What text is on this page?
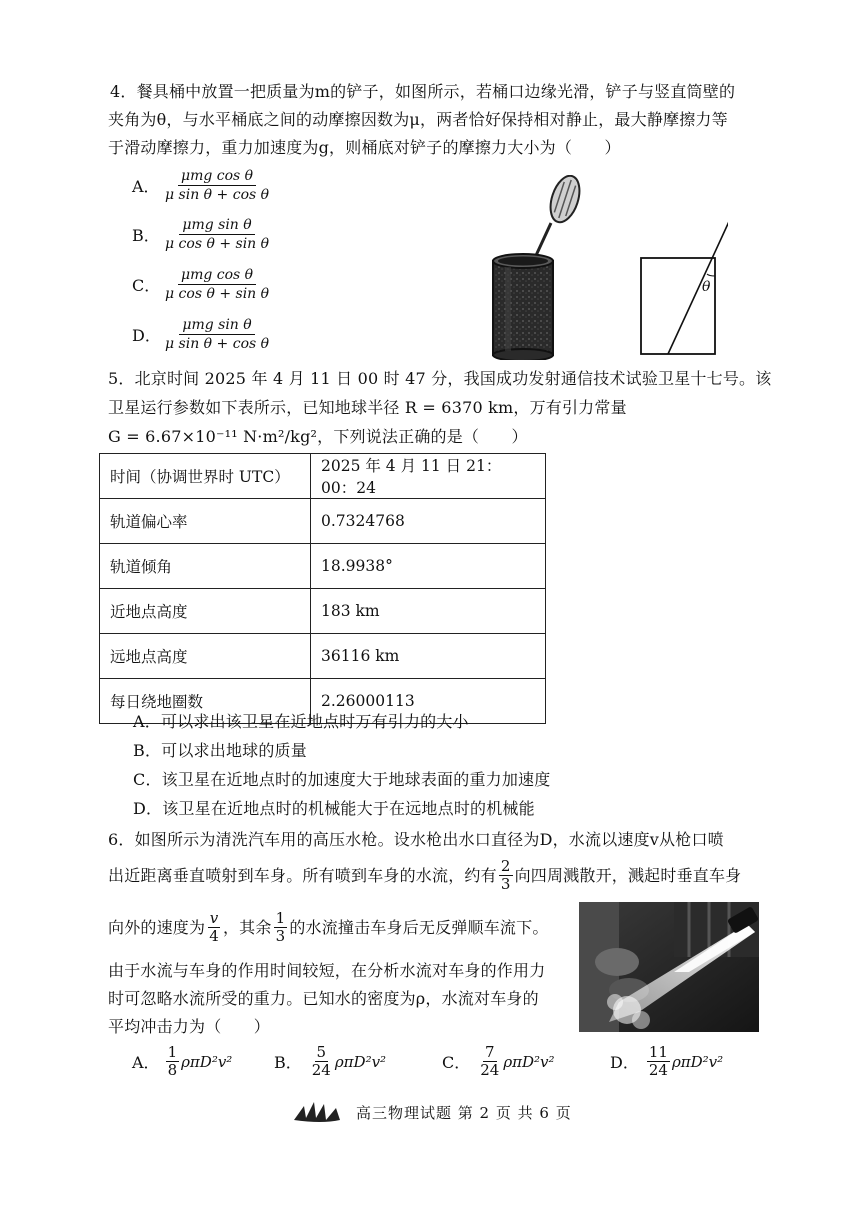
4．餐具桶中放置一把质量为m的铲子，如图所示，若桶口边缘光滑，铲子与竖直筒壁的
夹角为θ，与水平桶底之间的动摩擦因数为μ，两者恰好保持相对静止，最大静摩擦力等
于滑动摩擦力，重力加速度为g，则桶底对铲子的摩擦力大小为（　　）
A． $\frac{\text{μmg cos θ}}{\text{μ sin θ + cos θ}}$
B． $\frac{\text{μmg sin θ}}{\text{μ cos θ + sin θ}}$
C． $\frac{\text{μmg cos θ}}{\text{μ cos θ + sin θ}}$
D． $\frac{\text{μmg sin θ}}{\text{μ sin θ + cos θ}}$
θ
5．北京时间 2025 年 4 月 11 日 00 时 47 分，我国成功发射通信技术试验卫星十七号。该
卫星运行参数如下表所示，已知地球半径 R = 6370 km，万有引力常量
G = 6.67×10⁻¹¹ N·m²/kg²，下列说法正确的是（　　）
时间（协调世界时 UTC）	2025 年 4 月 11 日 21：00：24
轨道偏心率	0.7324768
轨道倾角	18.9938°
近地点高度	183 km
远地点高度	36116 km
每日绕地圈数	2.26000113
A．可以求出该卫星在近地点时万有引力的大小
B．可以求出地球的质量
C．该卫星在近地点时的加速度大于地球表面的重力加速度
D．该卫星在近地点时的机械能大于在远地点时的机械能
6．如图所示为清洗汽车用的高压水枪。设水枪出水口直径为D，水流以速度v从枪口喷
出近距离垂直喷射到车身。所有喷到车身的水流，约有 $\frac{2}{3}$ 向四周溅散开，溅起时垂直车身
向外的速度为 $\frac{v}{4}$ ，其余 $\frac{1}{3}$ 的水流撞击车身后无反弹顺车流下。
由于水流与车身的作用时间较短，在分析水流对车身的作用力
时可忽略水流所受的重力。已知水的密度为ρ，水流对车身的
平均冲击力为（　　）
A． $\frac{1}{8} \rho\pi D^2v^2$	B． $\frac{5}{24} \rho\pi D^2v^2$	C． $\frac{7}{24} \rho\pi D^2v^2$	D． $\frac{11}{24} \rho\pi D^2v^2$
高三物理试题 第 2 页 共 6 页
